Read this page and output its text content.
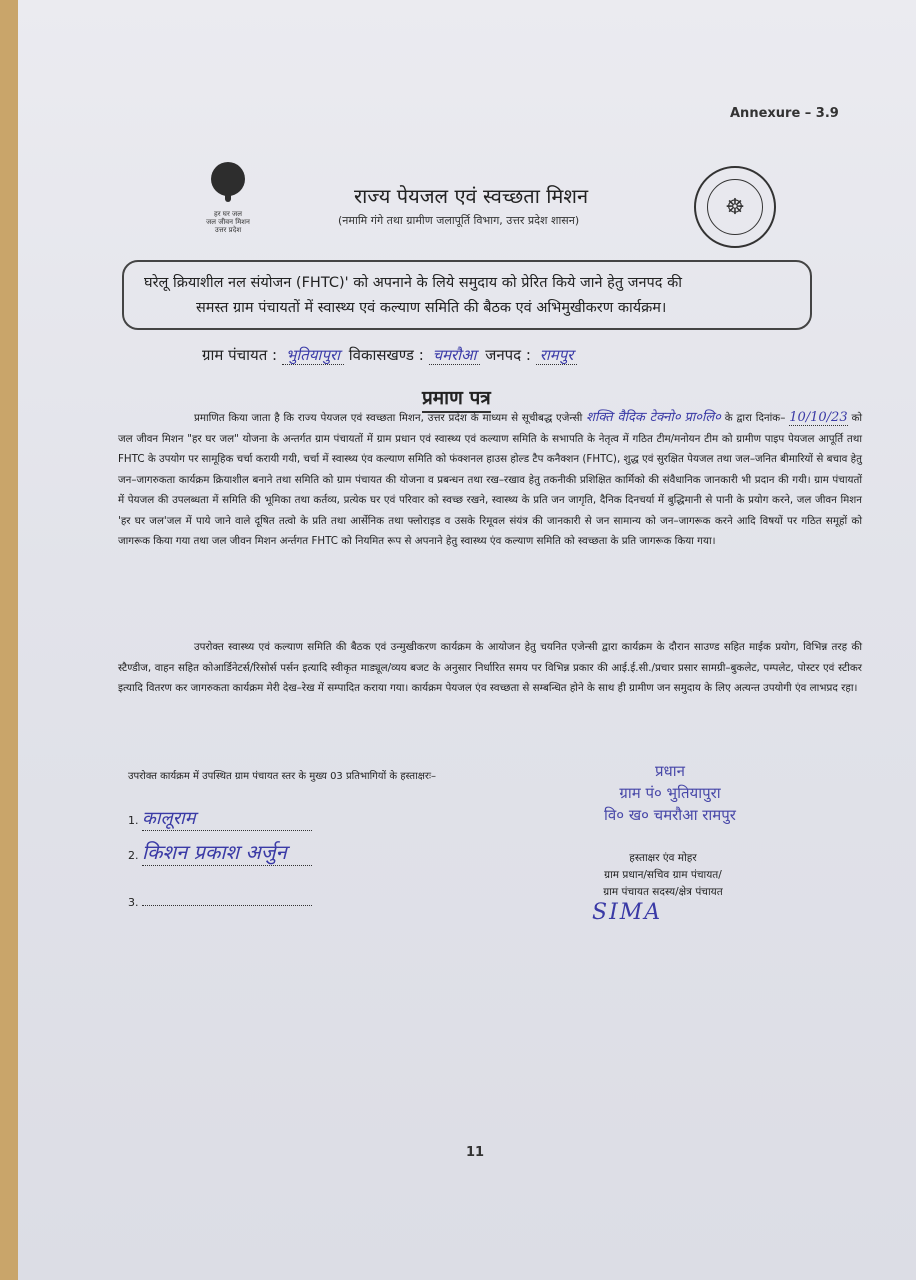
Annexure – 3.9
हर घर जल
जल जीवन मिशन
उत्तर प्रदेश
राज्य पेयजल एवं स्वच्छता मिशन
(नमामि गंगे तथा ग्रामीण जलापूर्ति विभाग, उत्तर प्रदेश शासन)
☸
घरेलू क्रियाशील नल संयोजन (FHTC)' को अपनाने के लिये समुदाय को प्रेरित किये जाने हेतु जनपद की
समस्त ग्राम पंचायतों में स्वास्थ्य एवं कल्याण समिति की बैठक एवं अभिमुखीकरण कार्यक्रम।
ग्राम पंचायत : भुतियापुरा विकासखण्ड : चमरौआ जनपद : रामपुर
प्रमाण पत्र

प्रमाणित किया जाता है कि राज्य पेयजल एवं स्वच्छता मिशन, उत्तर प्रदेश के माध्यम से सूचीबद्ध एजेन्सी शक्ति वैदिक टेक्नो० प्रा०लि० के द्वारा दिनांक– 10/10/23 को जल जीवन मिशन "हर घर जल" योजना के अन्तर्गत ग्राम पंचायतों में ग्राम प्रधान एवं स्वास्थ्य एवं कल्याण समिति के सभापति के नेतृत्व में गठित टीम/मनोयन टीम को ग्रामीण पाइप पेयजल आपूर्ति तथा FHTC के उपयोग पर सामूहिक चर्चा करायी गयी, चर्चा में स्वास्थ्य एंव कल्याण समिति को फंक्शनल हाउस होल्ड टैप कनैक्शन (FHTC), शुद्ध एवं सुरक्षित पेयजल तथा जल–जनित बीमारियों से बचाव हेतु जन–जागरुकता कार्यक्रम क्रियाशील बनाने तथा समिति को ग्राम पंचायत की योजना व प्रबन्धन तथा रख–रखाव हेतु तकनीकी प्रशिक्षित कार्मिको की संवैधानिक जानकारी भी प्रदान की गयी। ग्राम पंचायतों में पेयजल की उपलब्धता में समिति की भूमिका तथा कर्तव्य, प्रत्येक घर एवं परिवार को स्वच्छ रखने, स्वास्थ्य के प्रति जन जागृति, दैनिक दिनचर्या में बुद्धिमानी से पानी के प्रयोग करने, जल जीवन मिशन 'हर घर जल'जल में पाये जाने वाले दूषित तत्वो के प्रति तथा आर्सेनिक तथा फ्लोराइड व उसके रिमूवल संयंत्र की जानकारी से जन सामान्य को जन–जागरूक करने आदि विषयों पर गठित समूहों को जागरूक किया गया तथा जल जीवन मिशन अर्न्तगत FHTC को नियमित रूप से अपनाने हेतु स्वास्थ्य एंव कल्याण समिति को स्वच्छता के प्रति जागरूक किया गया।

उपरोक्त स्वास्थ्य एवं कल्याण समिति की बैठक एवं उन्मुखीकरण कार्यक्रम के आयोजन हेतु चयनित एजेन्सी द्वारा कार्यक्रम के दौरान साउण्ड सहित माईक प्रयोग, विभिन्न तरह की स्टैण्डीज, वाहन सहित कोआर्डिनेटर्स/रिसोर्स पर्सन इत्यादि स्वीकृत माड्यूल/व्यय बजट के अनुसार निर्धारित समय पर विभिन्न प्रकार की आई.ई.सी./प्रचार प्रसार सामग्री–बुकलेट, पम्पलेट, पोस्टर एवं स्टीकर इत्यादि वितरण कर जागरुकता कार्यक्रम मेरी देख–रेख में सम्पादित कराया गया। कार्यक्रम पेयजल एंव स्वच्छता से सम्बन्धित होने के साथ ही ग्रामीण जन समुदाय के लिए अत्यन्त उपयोगी एंव लाभप्रद रहा।

उपरोक्त कार्यक्रम में उपस्थित ग्राम पंचायत स्तर के मुख्य 03 प्रतिभागियों के हस्ताक्षरः–
1. कालूराम
2. किशन प्रकाश अर्जुन
3.
प्रधान
ग्राम पं० भुतियापुरा
वि० ख० चमरौआ रामपुर
हस्ताक्षर एंव मोहर
ग्राम प्रधान/सचिव ग्राम पंचायत/
ग्राम पंचायत सदस्य/क्षेत्र पंचायत
SIMA
11
